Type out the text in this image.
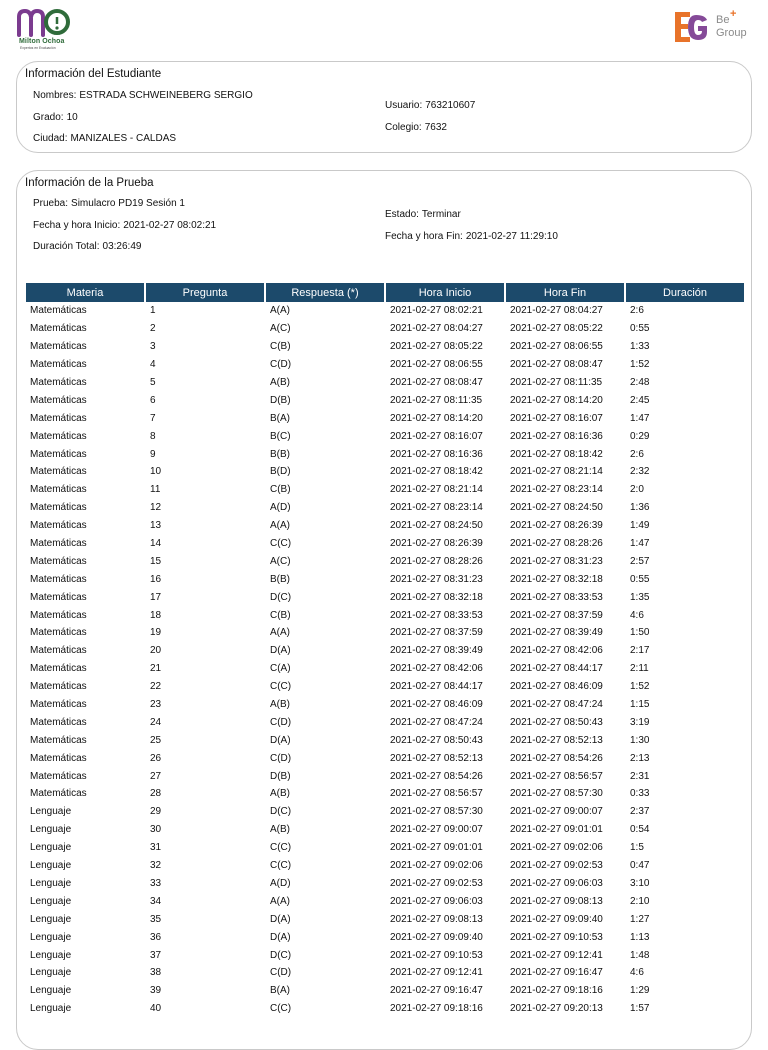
Milton Ochoa
Expertos en Evaluación
Be +
Group
Información del Estudiante
Nombres: ESTRADA SCHWEINEBERG SERGIO
Grado: 10
Ciudad: MANIZALES - CALDAS
Usuario: 763210607
Colegio: 7632
Información de la Prueba
Prueba: Simulacro PD19 Sesión 1
Fecha y hora Inicio: 2021-02-27 08:02:21
Duración Total: 03:26:49
Estado: Terminar
Fecha y hora Fin: 2021-02-27 11:29:10
Materia	Pregunta	Respuesta (*)	Hora Inicio	Hora Fin	Duración
Matemáticas	1	A(A)	2021-02-27 08:02:21	2021-02-27 08:04:27	2:6
Matemáticas	2	A(C)	2021-02-27 08:04:27	2021-02-27 08:05:22	0:55
Matemáticas	3	C(B)	2021-02-27 08:05:22	2021-02-27 08:06:55	1:33
Matemáticas	4	C(D)	2021-02-27 08:06:55	2021-02-27 08:08:47	1:52
Matemáticas	5	A(B)	2021-02-27 08:08:47	2021-02-27 08:11:35	2:48
Matemáticas	6	D(B)	2021-02-27 08:11:35	2021-02-27 08:14:20	2:45
Matemáticas	7	B(A)	2021-02-27 08:14:20	2021-02-27 08:16:07	1:47
Matemáticas	8	B(C)	2021-02-27 08:16:07	2021-02-27 08:16:36	0:29
Matemáticas	9	B(B)	2021-02-27 08:16:36	2021-02-27 08:18:42	2:6
Matemáticas	10	B(D)	2021-02-27 08:18:42	2021-02-27 08:21:14	2:32
Matemáticas	11	C(B)	2021-02-27 08:21:14	2021-02-27 08:23:14	2:0
Matemáticas	12	A(D)	2021-02-27 08:23:14	2021-02-27 08:24:50	1:36
Matemáticas	13	A(A)	2021-02-27 08:24:50	2021-02-27 08:26:39	1:49
Matemáticas	14	C(C)	2021-02-27 08:26:39	2021-02-27 08:28:26	1:47
Matemáticas	15	A(C)	2021-02-27 08:28:26	2021-02-27 08:31:23	2:57
Matemáticas	16	B(B)	2021-02-27 08:31:23	2021-02-27 08:32:18	0:55
Matemáticas	17	D(C)	2021-02-27 08:32:18	2021-02-27 08:33:53	1:35
Matemáticas	18	C(B)	2021-02-27 08:33:53	2021-02-27 08:37:59	4:6
Matemáticas	19	A(A)	2021-02-27 08:37:59	2021-02-27 08:39:49	1:50
Matemáticas	20	D(A)	2021-02-27 08:39:49	2021-02-27 08:42:06	2:17
Matemáticas	21	C(A)	2021-02-27 08:42:06	2021-02-27 08:44:17	2:11
Matemáticas	22	C(C)	2021-02-27 08:44:17	2021-02-27 08:46:09	1:52
Matemáticas	23	A(B)	2021-02-27 08:46:09	2021-02-27 08:47:24	1:15
Matemáticas	24	C(D)	2021-02-27 08:47:24	2021-02-27 08:50:43	3:19
Matemáticas	25	D(A)	2021-02-27 08:50:43	2021-02-27 08:52:13	1:30
Matemáticas	26	C(D)	2021-02-27 08:52:13	2021-02-27 08:54:26	2:13
Matemáticas	27	D(B)	2021-02-27 08:54:26	2021-02-27 08:56:57	2:31
Matemáticas	28	A(B)	2021-02-27 08:56:57	2021-02-27 08:57:30	0:33
Lenguaje	29	D(C)	2021-02-27 08:57:30	2021-02-27 09:00:07	2:37
Lenguaje	30	A(B)	2021-02-27 09:00:07	2021-02-27 09:01:01	0:54
Lenguaje	31	C(C)	2021-02-27 09:01:01	2021-02-27 09:02:06	1:5
Lenguaje	32	C(C)	2021-02-27 09:02:06	2021-02-27 09:02:53	0:47
Lenguaje	33	A(D)	2021-02-27 09:02:53	2021-02-27 09:06:03	3:10
Lenguaje	34	A(A)	2021-02-27 09:06:03	2021-02-27 09:08:13	2:10
Lenguaje	35	D(A)	2021-02-27 09:08:13	2021-02-27 09:09:40	1:27
Lenguaje	36	D(A)	2021-02-27 09:09:40	2021-02-27 09:10:53	1:13
Lenguaje	37	D(C)	2021-02-27 09:10:53	2021-02-27 09:12:41	1:48
Lenguaje	38	C(D)	2021-02-27 09:12:41	2021-02-27 09:16:47	4:6
Lenguaje	39	B(A)	2021-02-27 09:16:47	2021-02-27 09:18:16	1:29
Lenguaje	40	C(C)	2021-02-27 09:18:16	2021-02-27 09:20:13	1:57
